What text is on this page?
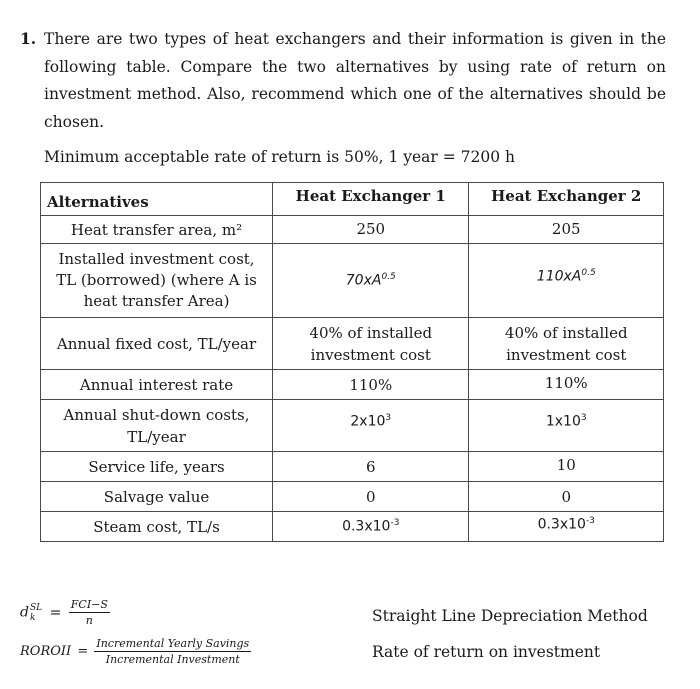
1. There are two types of heat exchangers and their information is given in the
following table. Compare the two alternatives by using rate of return on
investment method. Also, recommend which one of the alternatives should be
chosen.
Minimum acceptable rate of return is 50%, 1 year = 7200 h
Alternatives	Heat Exchanger 1	Heat Exchanger 2
Heat transfer area, m²	250	205
Installed investment cost,
TL (borrowed) (where A is
heat transfer Area)	$70xA^{0.5}$	$110xA^{0.5}$
Annual fixed cost, TL/year	40% of installed
investment cost	40% of installed
investment cost
Annual interest rate	110%	110%
Annual shut-down costs,
TL/year	$2x10^3$	$1x10^3$
Service life, years	6	10
Salvage value	0	0
Steam cost, TL/s	$0.3x10^{-3}$	$0.3x10^{-3}$
d SL
k	= $\frac{\text{FCI−S}}{n}$	Straight Line Depreciation Method
ROROII = $\frac{\text{Incremental Yearly Savings}}{\text{Incremental Investment}}$	Rate of return on investment
